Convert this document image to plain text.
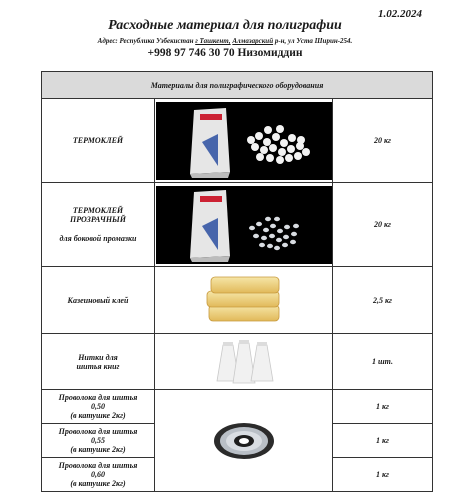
1.02.2024
Расходные материал для полиграфии
Адрес: Республика Узбекистан г Ташкент, Алмазарский р-н, ул Уста Ширин-254.
+998 97 746 30 70 Низомиддин
Материалы для полиграфического оборудования		
ТЕРМОКЛЕЙ		20 кг

ТЕРМОКЛЕЙ
ПРОЗРАЧНЫЙ
для боковой промазки		20 кг
Казеиновый клей		2,5 кг

Нитки для
шитья книг		1 шт.

Проволока для шитья
0,50
(в катушке 2кг)		1 кг

Проволока для шитья
0,55
(в катушке 2кг)		1 кг

Проволока для шитья
0,60
(в катушке 2кг)		1 кг
